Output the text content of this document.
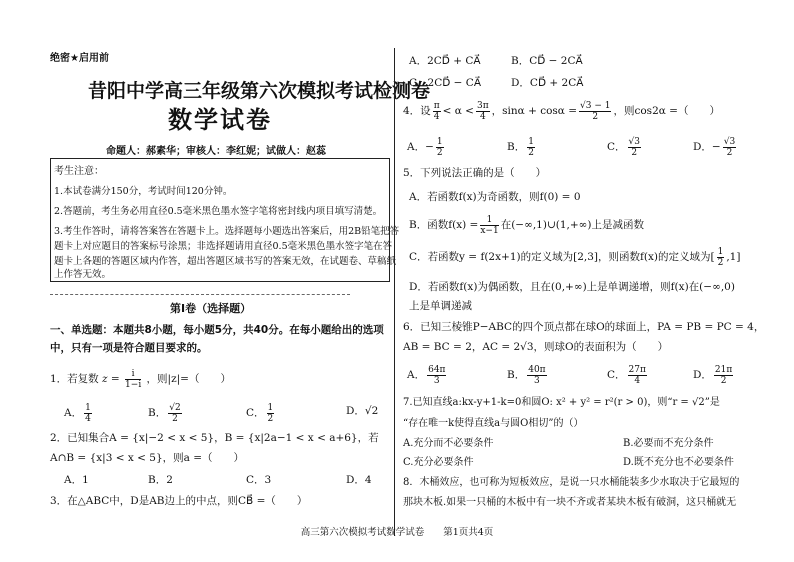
绝密★启用前
昔阳中学高三年级第六次模拟考试检测卷
数学试卷
命题人：郝素华；审核人：李红妮；试做人：赵蕊
考生注意：
1.本试卷满分150分，考试时间120分钟。
2.答题前，考生务必用直径0.5毫米黑色墨水签字笔将密封线内项目填写清楚。
3.考生作答时，请将答案答在答题卡上。选择题每小题选出答案后，用2B铅笔把答
题卡上对应题目的答案标号涂黑；非选择题请用直径0.5毫米黑色墨水签字笔在答
题卡上各题的答题区域内作答，超出答题区域书写的答案无效，在试题卷、草稿纸
上作答无效。
第Ⅰ卷（选择题）
一、单选题：本题共8小题，每小题5分，共40分。在每小题给出的选项
中，只有一项是符合题目要求的。
1．若复数 $z = \frac{i}{1-i}$ ，则|z|=（　　）
A． $\frac{1}{4}$	B． $\frac{√2}{2}$	C． $\frac{1}{2}$	D．√2
2．已知集合A = {x|−2 < x < 5}，B = {x|2a−1 < x < a+6}，若
A∩B = {x|3 < x < 5}，则a =（　　）
A．1	B．2	C．3	D．4
3．在△ABC中，D是AB边上的中点，则CB⃗ =（　　）
A．2CD⃗ + CA⃗	B．CD⃗ − 2CA⃗
C．2CD⃗ − CA⃗	D．CD⃗ + 2CA⃗
4．设 $\frac{\pi}{4} < \alpha < \frac{3\pi}{4}$ ，$\sin\alpha + \cos\alpha = \frac{√3 - 1}{2}$ ，则cos2α =（　　）
A．− $\frac{1}{2}$	B． $\frac{1}{2}$	C． $\frac{√3}{2}$	D．− $\frac{√3}{2}$
5．下列说法正确的是（　　）
A．若函数f(x)为奇函数，则f(0) = 0
B．函数$f(x) = \frac{1}{x-1}$ 在(−∞,1)∪(1,+∞)上是减函数
C．若函数y = f(2x+1)的定义域为[2,3]，则函数f(x)的定义域为[ $\frac{1}{2} ,1$]
D．若函数f(x)为偶函数，且在(0,+∞)上是单调递增，则f(x)在(−∞,0)
上是单调递减
6．已知三棱锥P−ABC的四个顶点都在球O的球面上，PA = PB = PC = 4，
AB = BC = 2，AC = 2√3，则球O的表面积为（　　）
A． $\frac{64\pi}{3}$	B． $\frac{40\pi}{3}$	C． $\frac{27\pi}{4}$	D． $\frac{21\pi}{2}$
7.已知直线a:kx-y+1-k=0和圆O: x² + y² = r²(r > 0)，则“r = √2”是
“存在唯一k使得直线a与圆O相切”的（）
A.充分而不必要条件	B.必要而不充分条件
C.充分必要条件	D.既不充分也不必要条件
8．木桶效应，也可称为短板效应，是说一只水桶能装多少水取决于它最短的
那块木板.如果一只桶的木板中有一块不齐或者某块木板有破洞，这只桶就无
高三第六次模拟考试数学试卷　　第1页共4页
